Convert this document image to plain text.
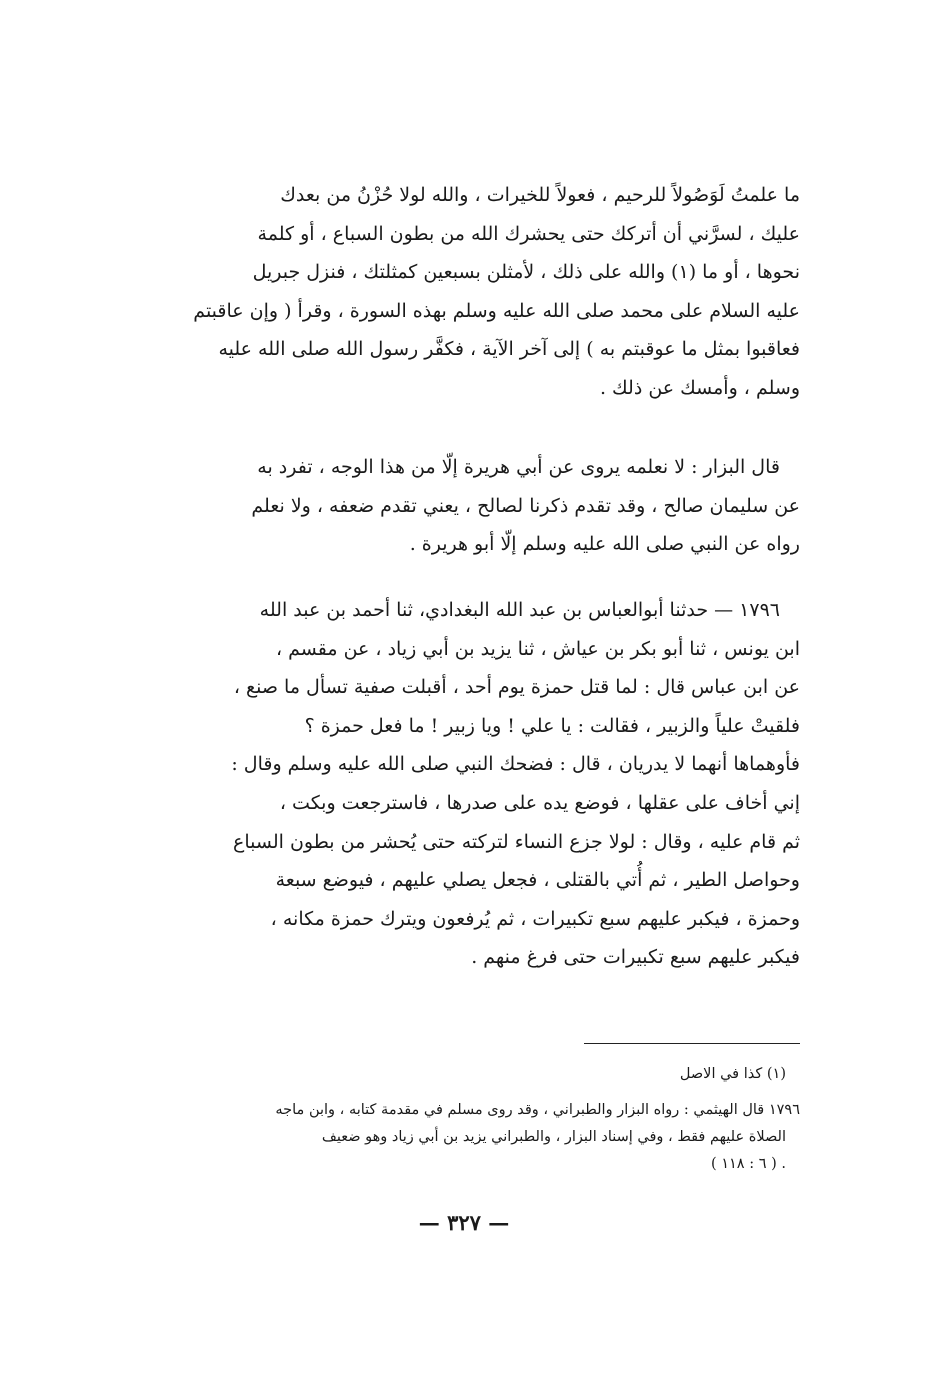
ما علمتُ لَوَصُولاً للرحيم ، فعولاً للخيرات ، والله لولا حُزْنُ من بعدك
عليك ، لسرَّني أن أتركك حتى يحشرك الله من بطون السباع ، أو كلمة
نحوها ، أو ما (١) والله على ذلك ، لأمثلن بسبعين كمثلتك ، فنزل جبريل
عليه السلام على محمد صلى الله عليه وسلم بهذه السورة ، وقرأ ( وإن عاقبتم
فعاقبوا بمثل ما عوقبتم به ) إلى آخر الآية ، فكفَّر رسول الله صلى الله عليه
وسلم ، وأمسك عن ذلك .
قال البزار : لا نعلمه يروى عن أبي هريرة إلّا من هذا الوجه ، تفرد به
عن سليمان صالح ، وقد تقدم ذكرنا لصالح ، يعني تقدم ضعفه ، ولا نعلم
رواه عن النبي صلى الله عليه وسلم إلّا أبو هريرة .
١٧٩٦ — حدثنا أبوالعباس بن عبد الله البغدادي، ثنا أحمد بن عبد الله
ابن يونس ، ثنا أبو بكر بن عياش ، ثنا يزيد بن أبي زياد ، عن مقسم ،
عن ابن عباس قال : لما قتل حمزة يوم أحد ، أقبلت صفية تسأل ما صنع ،
فلقيتْ علياً والزبير ، فقالت : يا علي ! ويا زبير ! ما فعل حمزة ؟
فأوهماها أنهما لا يدريان ، قال : فضحك النبي صلى الله عليه وسلم وقال :
إني أخاف على عقلها ، فوضع يده على صدرها ، فاسترجعت وبكت ،
ثم قام عليه ، وقال : لولا جزع النساء لتركته حتى يُحشر من بطون السباع
وحواصل الطير ، ثم أُتي بالقتلى ، فجعل يصلي عليهم ، فيوضع سبعة
وحمزة ، فيكبر عليهم سبع تكبيرات ، ثم يُرفعون ويترك حمزة مكانه ،
فيكبر عليهم سبع تكبيرات حتى فرغ منهم .
(١) كذا في الاصل
١٧٩٦ قال الهيثمي : رواه البزار والطبراني ، وقد روى مسلم في مقدمة كتابه ، وابن ماجه
الصلاة عليهم فقط ، وفي إسناد البزار ، والطبراني يزيد بن أبي زياد وهو ضعيف
. ( ٦ : ١١٨ )
— ٣٢٧ —
